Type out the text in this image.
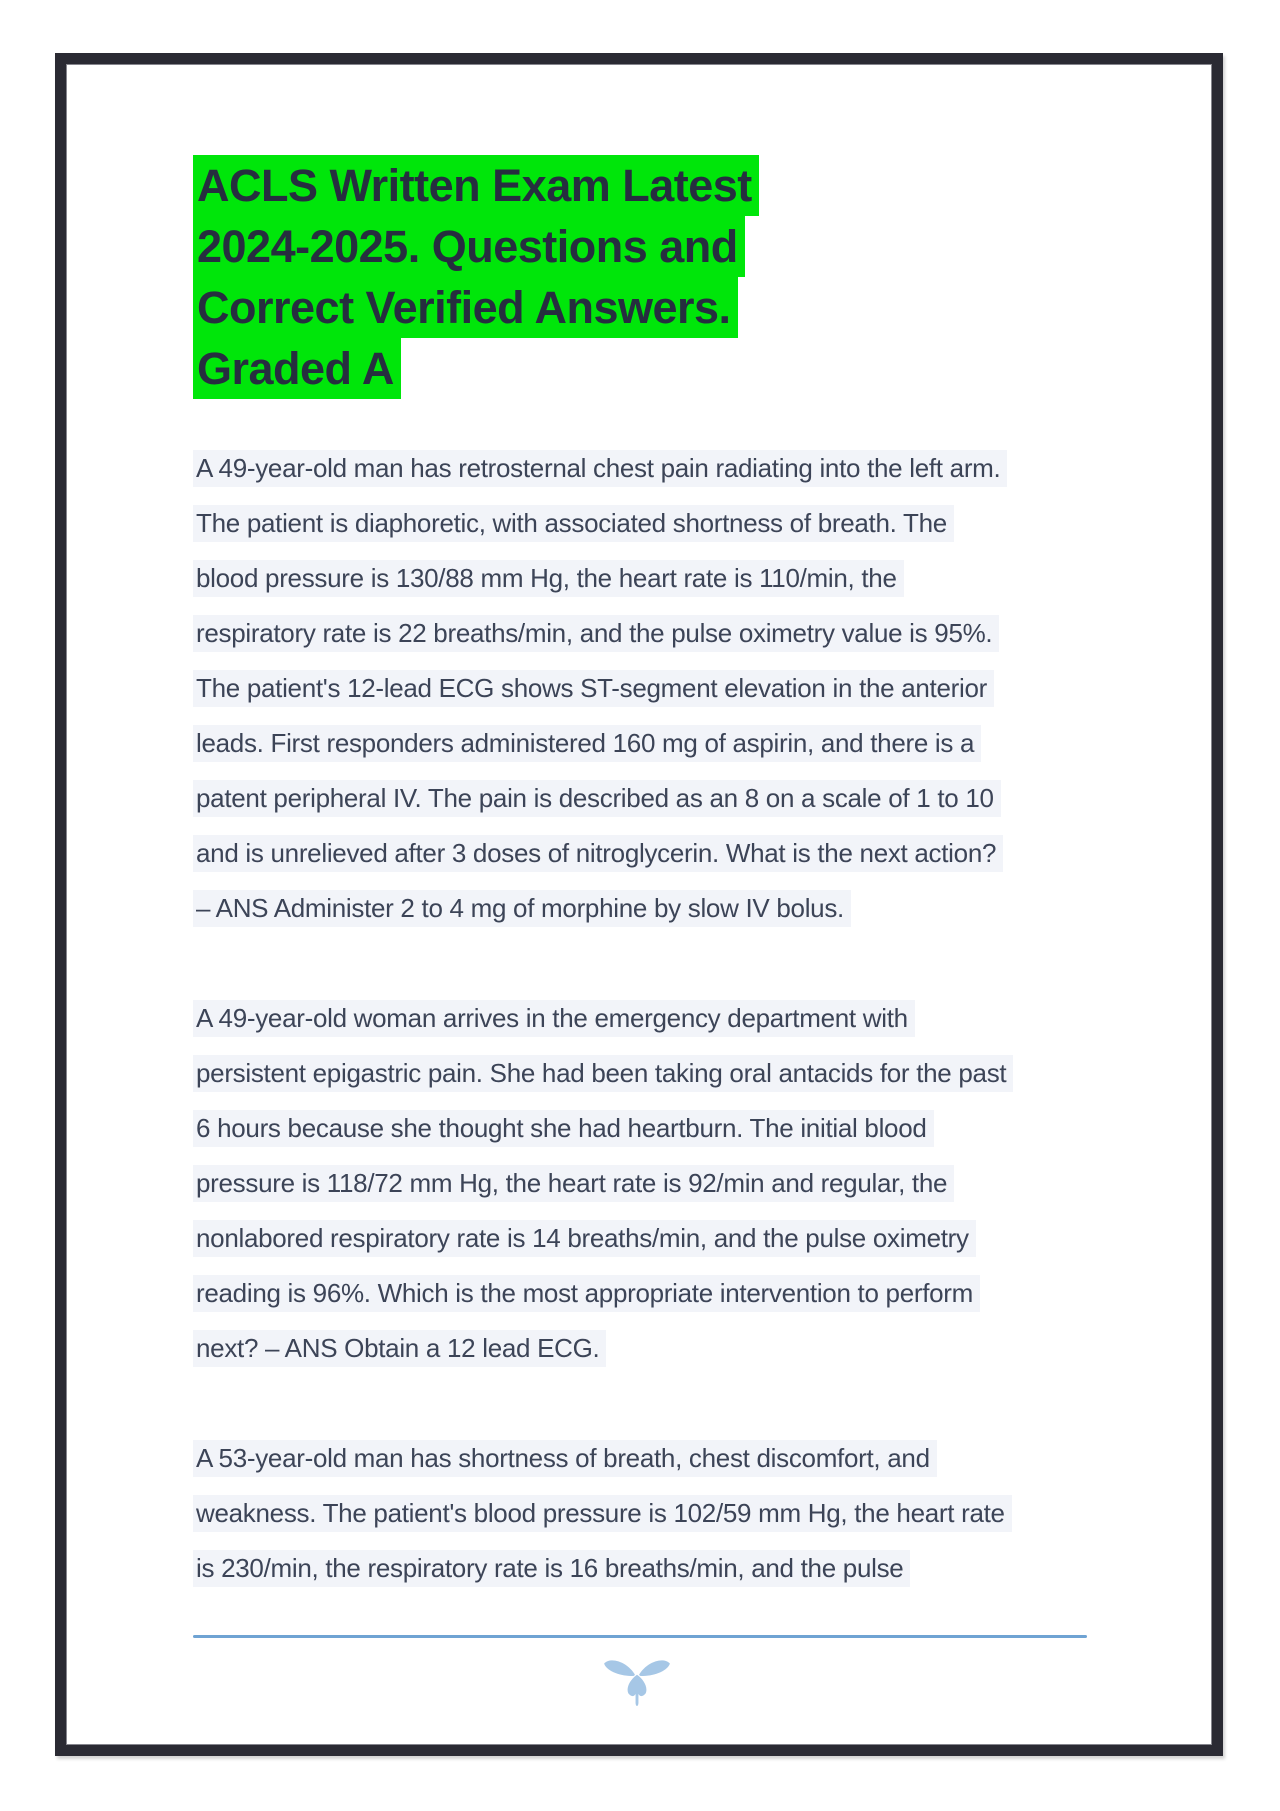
ACLS Written Exam Latest
2024-2025. Questions and
Correct Verified Answers.
Graded A
A 49-year-old man has retrosternal chest pain radiating into the left arm.
The patient is diaphoretic, with associated shortness of breath. The
blood pressure is 130/88 mm Hg, the heart rate is 110/min, the
respiratory rate is 22 breaths/min, and the pulse oximetry value is 95%.
The patient's 12-lead ECG shows ST-segment elevation in the anterior
leads. First responders administered 160 mg of aspirin, and there is a
patent peripheral IV. The pain is described as an 8 on a scale of 1 to 10
and is unrelieved after 3 doses of nitroglycerin. What is the next action?
– ANS Administer 2 to 4 mg of morphine by slow IV bolus.
A 49-year-old woman arrives in the emergency department with
persistent epigastric pain. She had been taking oral antacids for the past
6 hours because she thought she had heartburn. The initial blood
pressure is 118/72 mm Hg, the heart rate is 92/min and regular, the
nonlabored respiratory rate is 14 breaths/min, and the pulse oximetry
reading is 96%. Which is the most appropriate intervention to perform
next? – ANS Obtain a 12 lead ECG.
A 53-year-old man has shortness of breath, chest discomfort, and
weakness. The patient's blood pressure is 102/59 mm Hg, the heart rate
is 230/min, the respiratory rate is 16 breaths/min, and the pulse
